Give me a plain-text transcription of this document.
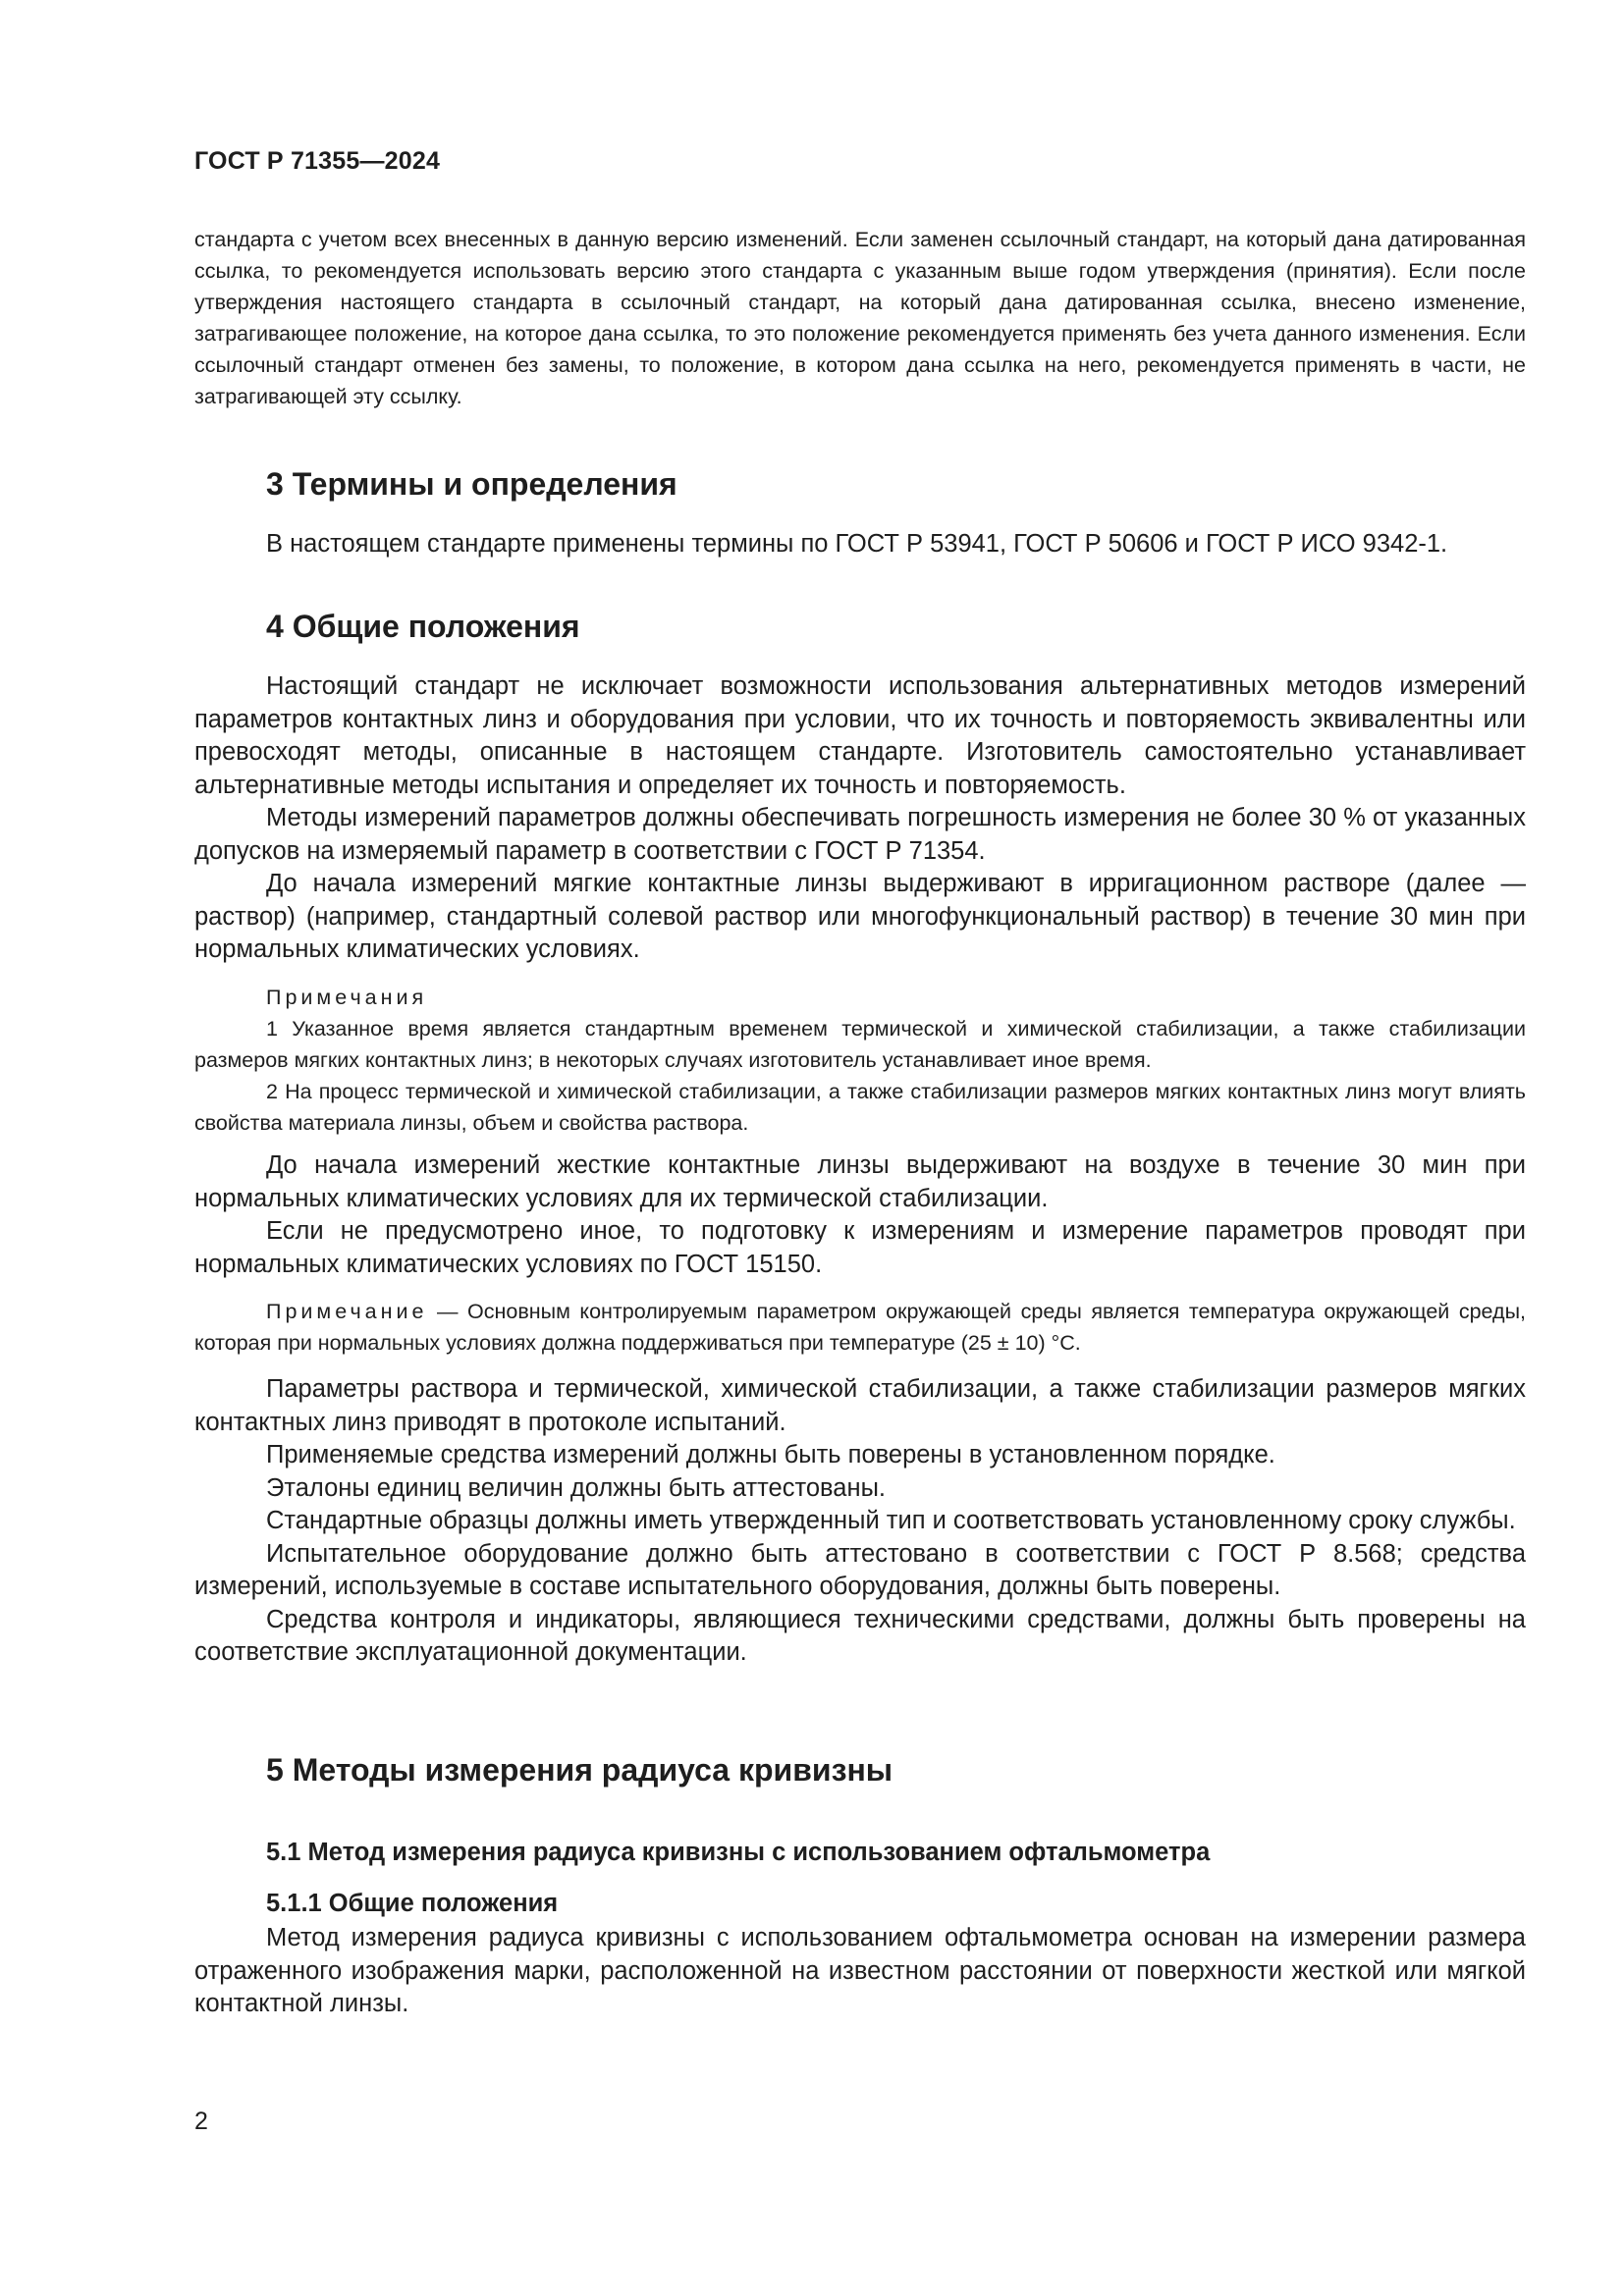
ГОСТ Р 71355—2024

стандарта с учетом всех внесенных в данную версию изменений. Если заменен ссылочный стандарт, на который дана датированная ссылка, то рекомендуется использовать версию этого стандарта с указанным выше годом утверждения (принятия). Если после утверждения настоящего стандарта в ссылочный стандарт, на который дана датированная ссылка, внесено изменение, затрагивающее положение, на которое дана ссылка, то это положение рекомендуется применять без учета данного изменения. Если ссылочный стандарт отменен без замены, то положение, в котором дана ссылка на него, рекомендуется применять в части, не затрагивающей эту ссылку.

3 Термины и определения

В настоящем стандарте применены термины по ГОСТ Р 53941, ГОСТ Р 50606 и ГОСТ Р ИСО 9342-1.

4 Общие положения

Настоящий стандарт не исключает возможности использования альтернативных методов измерений параметров контактных линз и оборудования при условии, что их точность и повторяемость эквивалентны или превосходят методы, описанные в настоящем стандарте. Изготовитель самостоятельно устанавливает альтернативные методы испытания и определяет их точность и повторяемость.

Методы измерений параметров должны обеспечивать погрешность измерения не более 30 % от указанных допусков на измеряемый параметр в соответствии с ГОСТ Р 71354.

До начала измерений мягкие контактные линзы выдерживают в ирригационном растворе (далее — раствор) (например, стандартный солевой раствор или многофункциональный раствор) в течение 30 мин при нормальных климатических условиях.

Примечания

1 Указанное время является стандартным временем термической и химической стабилизации, а также стабилизации размеров мягких контактных линз; в некоторых случаях изготовитель устанавливает иное время.

2 На процесс термической и химической стабилизации, а также стабилизации размеров мягких контактных линз могут влиять свойства материала линзы, объем и свойства раствора.

До начала измерений жесткие контактные линзы выдерживают на воздухе в течение 30 мин при нормальных климатических условиях для их термической стабилизации.

Если не предусмотрено иное, то подготовку к измерениям и измерение параметров проводят при нормальных климатических условиях по ГОСТ 15150.

Примечание — Основным контролируемым параметром окружающей среды является температура окружающей среды, которая при нормальных условиях должна поддерживаться при температуре (25 ± 10) °С.

Параметры раствора и термической, химической стабилизации, а также стабилизации размеров мягких контактных линз приводят в протоколе испытаний.

Применяемые средства измерений должны быть поверены в установленном порядке.

Эталоны единиц величин должны быть аттестованы.

Стандартные образцы должны иметь утвержденный тип и соответствовать установленному сроку службы.

Испытательное оборудование должно быть аттестовано в соответствии с ГОСТ Р 8.568; средства измерений, используемые в составе испытательного оборудования, должны быть поверены.

Средства контроля и индикаторы, являющиеся техническими средствами, должны быть проверены на соответствие эксплуатационной документации.

5 Методы измерения радиуса кривизны
5.1 Метод измерения радиуса кривизны с использованием офтальмометра
5.1.1 Общие положения

Метод измерения радиуса кривизны с использованием офтальмометра основан на измерении размера отраженного изображения марки, расположенной на известном расстоянии от поверхности жесткой или мягкой контактной линзы.

2
